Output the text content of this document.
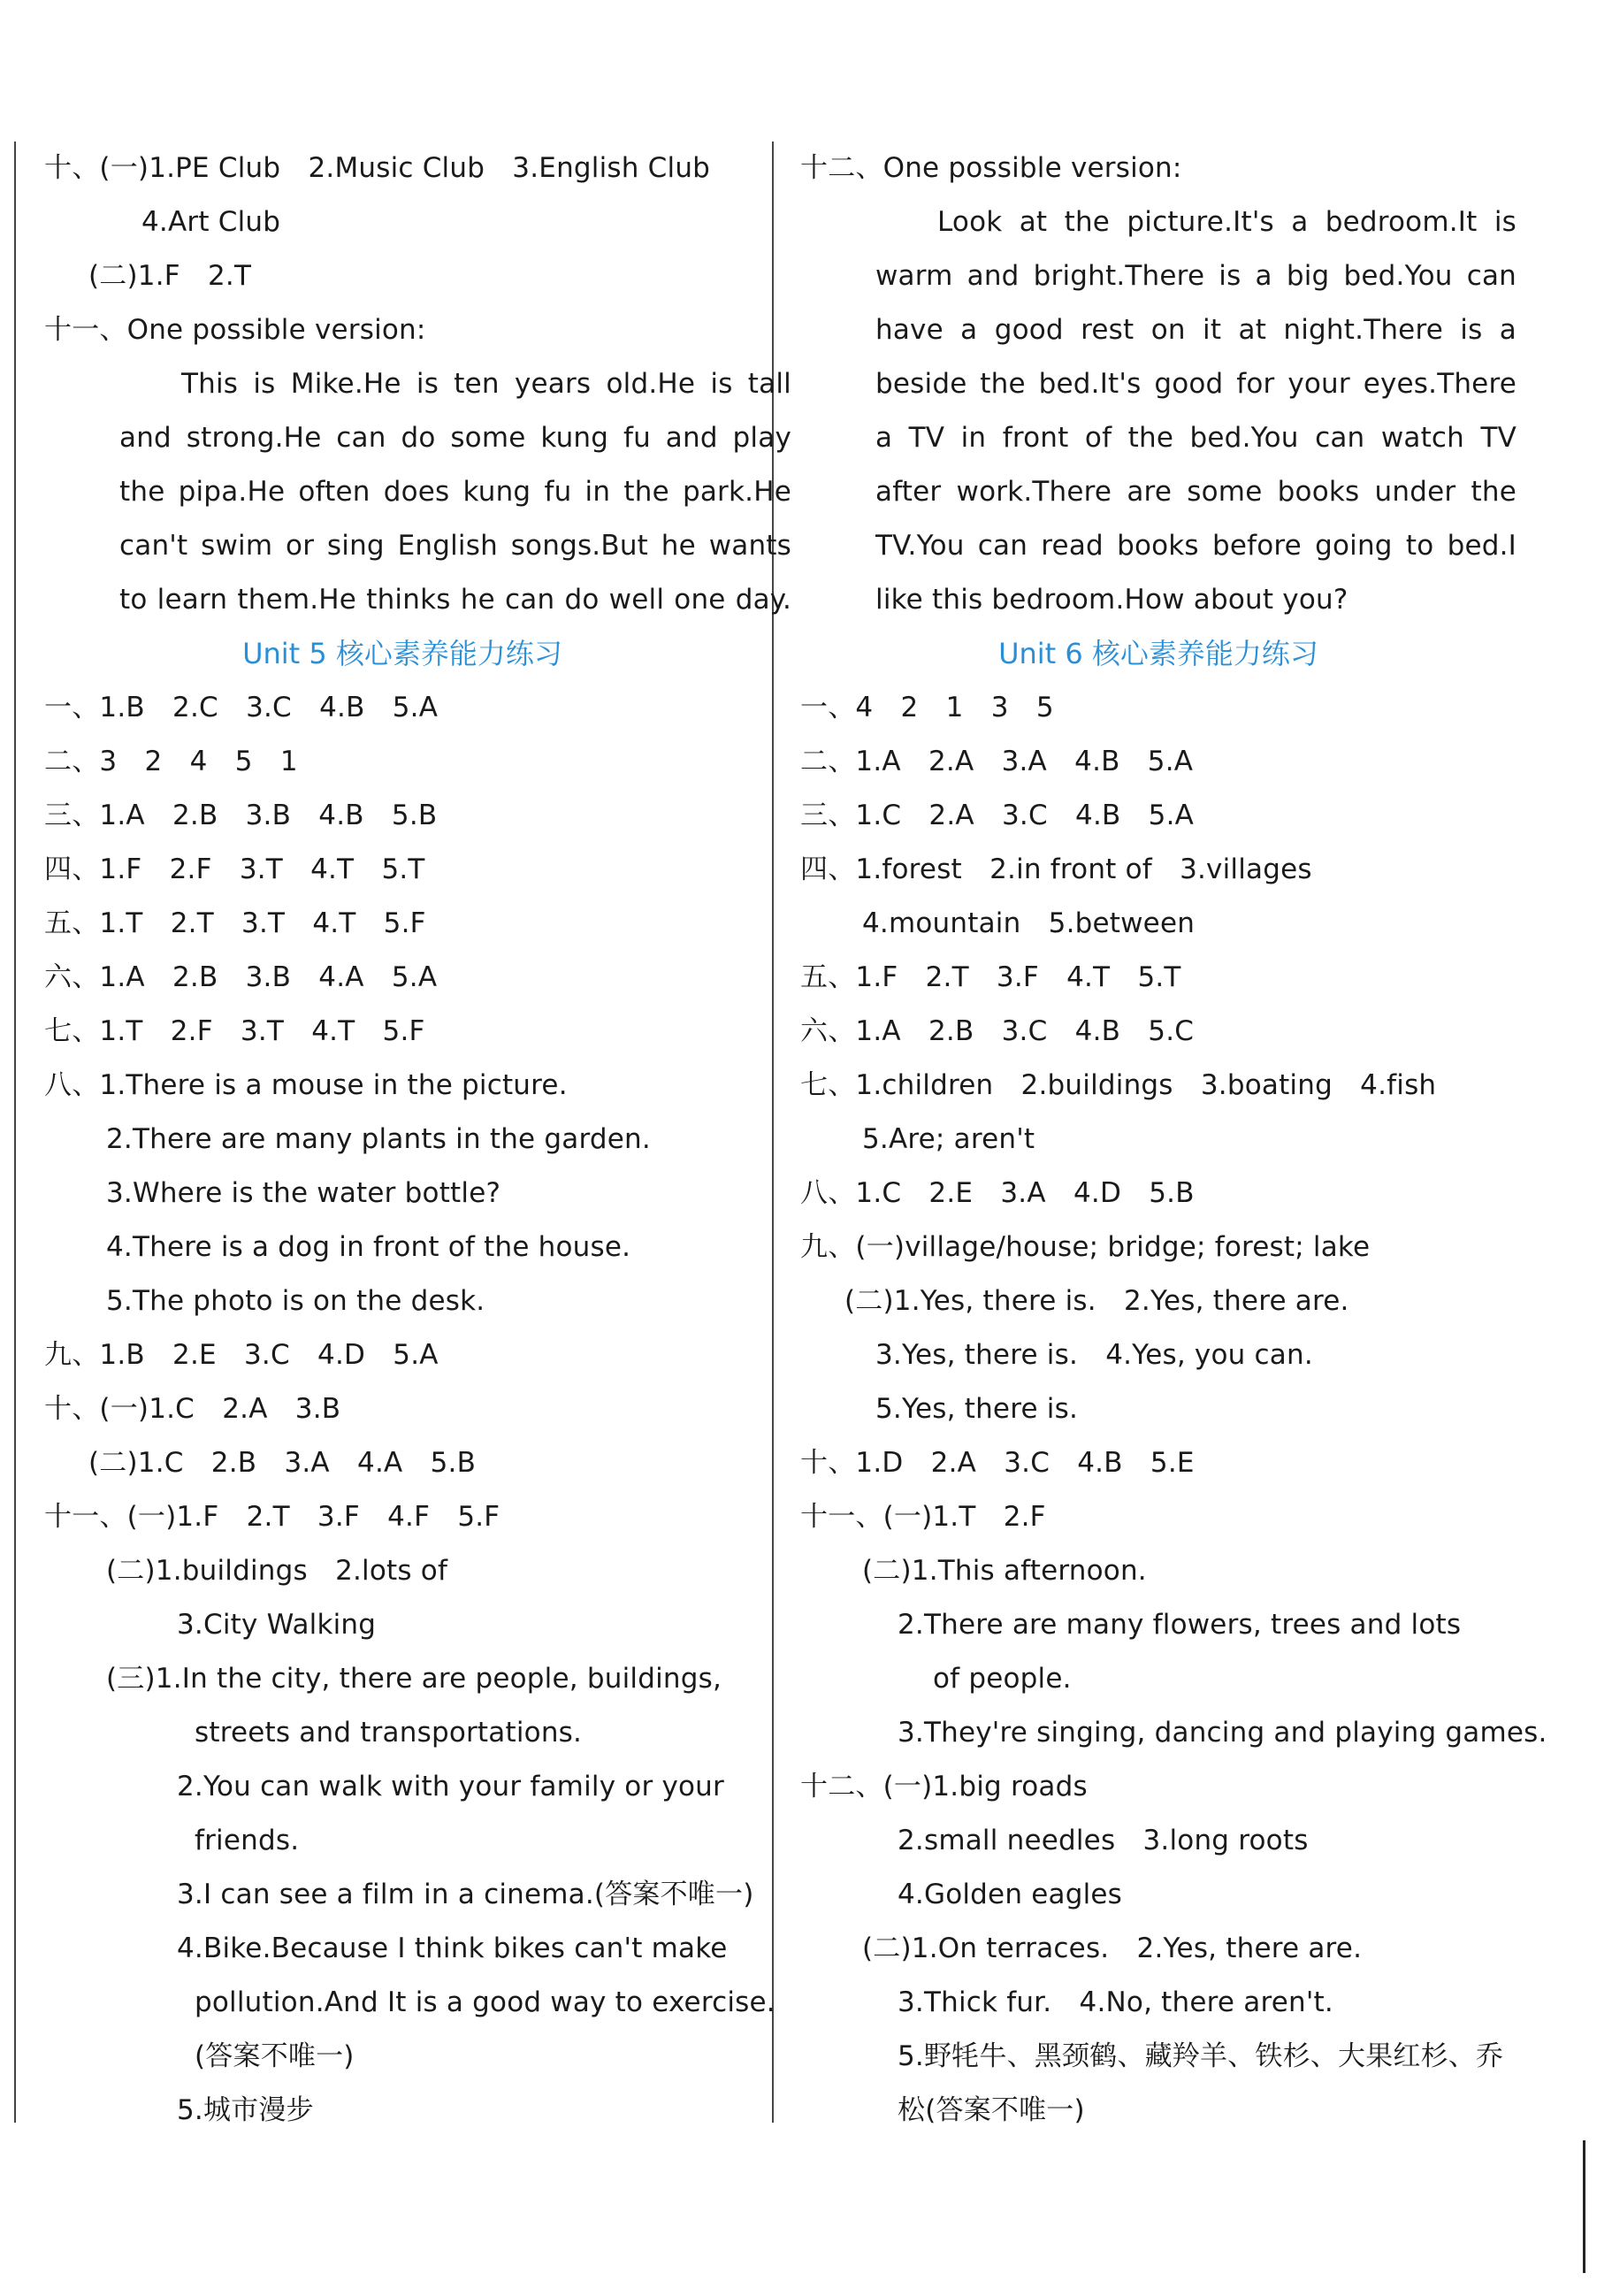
十、(一)1.PE Club　2.Music Club　3.English Club
4.Art Club
(二)1.F　2.T
十一、One possible version:
This is Mike.He is ten years old.He is tall
and strong.He can do some kung fu and play
the pipa.He often does kung fu in the park.He
can't swim or sing English songs.But he wants
to learn them.He thinks he can do well one day.
Unit 5 核心素养能力练习
一、1.B　2.C　3.C　4.B　5.A
二、3　2　4　5　1
三、1.A　2.B　3.B　4.B　5.B
四、1.F　2.F　3.T　4.T　5.T
五、1.T　2.T　3.T　4.T　5.F
六、1.A　2.B　3.B　4.A　5.A
七、1.T　2.F　3.T　4.T　5.F
八、1.There is a mouse in the picture.
2.There are many plants in the garden.
3.Where is the water bottle?
4.There is a dog in front of the house.
5.The photo is on the desk.
九、1.B　2.E　3.C　4.D　5.A
十、(一)1.C　2.A　3.B
(二)1.C　2.B　3.A　4.A　5.B
十一、(一)1.F　2.T　3.F　4.F　5.F
(二)1.buildings　2.lots of
3.City Walking
(三)1.In the city, there are people, buildings,
streets and transportations.
2.You can walk with your family or your
friends.
3.I can see a film in a cinema.(答案不唯一)
4.Bike.Because I think bikes can't make
pollution.And It is a good way to exercise.
(答案不唯一)
5.城市漫步
十二、One possible version:
Look at the picture.It's a bedroom.It is
warm and bright.There is a big bed.You can
have a good rest on it at night.There is a
beside the bed.It's good for your eyes.There
a TV in front of the bed.You can watch TV
after work.There are some books under the
TV.You can read books before going to bed.I
like this bedroom.How about you?
Unit 6 核心素养能力练习
一、4　2　1　3　5
二、1.A　2.A　3.A　4.B　5.A
三、1.C　2.A　3.C　4.B　5.A
四、1.forest　2.in front of　3.villages
4.mountain　5.between
五、1.F　2.T　3.F　4.T　5.T
六、1.A　2.B　3.C　4.B　5.C
七、1.children　2.buildings　3.boating　4.fish
5.Are; aren't
八、1.C　2.E　3.A　4.D　5.B
九、(一)village/house; bridge; forest; lake
(二)1.Yes, there is.　2.Yes, there are.
3.Yes, there is.　4.Yes, you can.
5.Yes, there is.
十、1.D　2.A　3.C　4.B　5.E
十一、(一)1.T　2.F
(二)1.This afternoon.
2.There are many flowers, trees and lots
of people.
3.They're singing, dancing and playing games.
十二、(一)1.big roads
2.small needles　3.long roots
4.Golden eagles
(二)1.On terraces.　2.Yes, there are.
3.Thick fur.　4.No, there aren't.
5.野牦牛、黑颈鹤、藏羚羊、铁杉、大果红杉、乔
松(答案不唯一)
